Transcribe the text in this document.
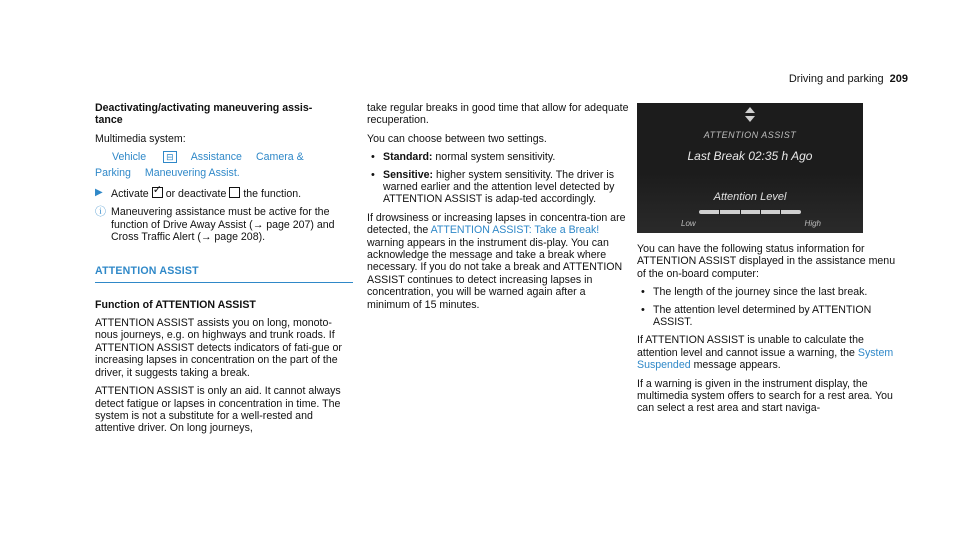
Driving and parking 209

Deactivating/activating maneuvering assis-
tance

Multimedia system:

Vehicle ⊟ Assistance Camera &
Parking Maneuvering Assist.
▶ Activate✓ or deactivate the function.
ⓘ Maneuvering assistance must be active for the function of Drive Away Assist (→ page 207) and Cross Traffic Alert (→ page 208).
ATTENTION ASSIST

Function of ATTENTION ASSIST

ATTENTION ASSIST assists you on long, monoto-nous journeys, e.g. on highways and trunk roads. If ATTENTION ASSIST detects indicators of fati-gue or increasing lapses in concentration on the part of the driver, it suggests taking a break.

ATTENTION ASSIST is only an aid. It cannot always detect fatigue or lapses in concentration in time. The system is not a substitute for a well-rested and attentive driver. On long journeys,

take regular breaks in good time that allow for adequate recuperation.

You can choose between two settings.

• Standard: normal system sensitivity.
• Sensitive: higher system sensitivity. The driver is warned earlier and the attention level detected by ATTENTION ASSIST is adap-ted accordingly.

If drowsiness or increasing lapses in concentra-tion are detected, the ATTENTION ASSIST: Take a Break! warning appears in the instrument dis-play. You can acknowledge the message and take a break where necessary. If you do not take a break and ATTENTION ASSIST continues to detect increasing lapses in concentration, you will be warned again after a minimum of 15 minutes.

ATTENTION ASSIST
Last Break 02:35 h Ago
Attention Level
Low	High

You can have the following status information for ATTENTION ASSIST displayed in the assistance menu of the on-board computer:

• The length of the journey since the last break.
• The attention level determined by ATTENTION ASSIST.

If ATTENTION ASSIST is unable to calculate the attention level and cannot issue a warning, the System Suspended message appears.

If a warning is given in the instrument display, the multimedia system offers to search for a rest area. You can select a rest area and start naviga-
